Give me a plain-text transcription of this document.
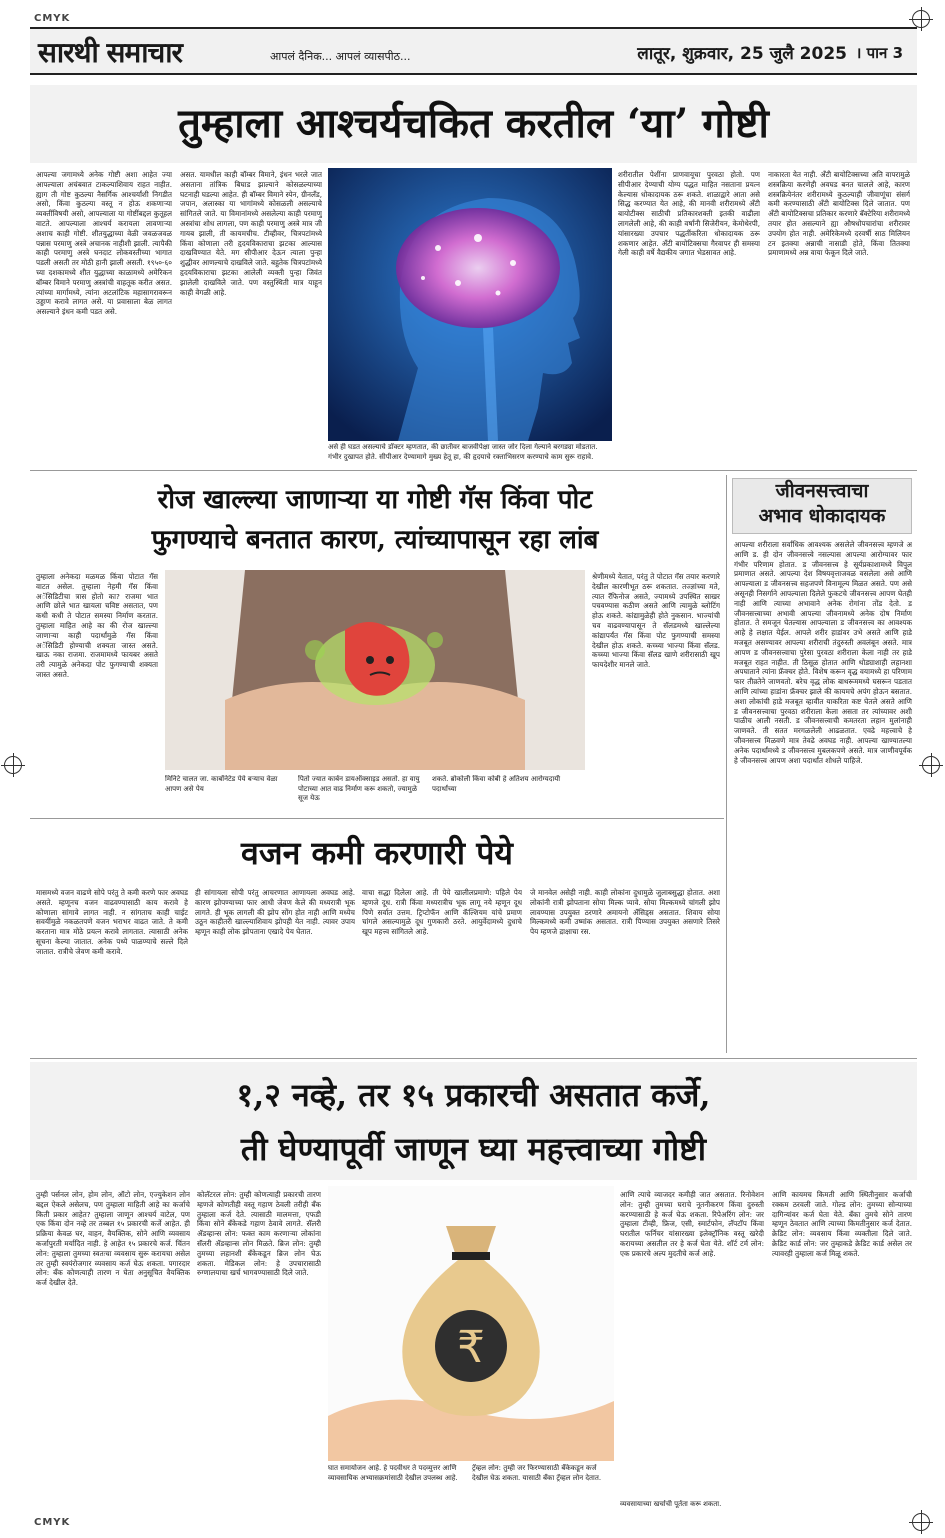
CMYK
CMYK
सारथी समाचार	आपलं दैनिक... आपलं व्यासपीठ...	लातूर, शुक्रवार, 25 जुलै 2025 । पान 3
तुम्हाला आश्चर्यचकित करतील ‘या’ गोष्टी
आपल्या जगामध्ये अनेक गोष्टी अशा आहेत ज्या आपल्याला अचंबवात टाकल्याशिवाय राहत नाहीत. ह्याग ती गोष्ट कुठल्या नैसर्गिक आश्चर्यांशी निगडीत असो, किंवा कुठल्या वस्तू न होऊ शकणाऱ्या व्यक्तींविषयी असो, आपल्याला या गोष्टींबद्दल कुतूहल वाटते. आपल्याला आश्चर्य करायला लावणाऱ्या अशाच काही गोष्टी. शीतयुद्धाच्या वेळी जवळजवळ पन्नास परमाणु अस्त्रे अचानक नाहीशी झाली. त्यापैकी काही परमाणु अस्त्रे घनदाट लोकवस्तीच्या भागात पडली असती तर मोठी हानी झाली असती. १९५०-६० च्या दशकामध्ये शीत युद्धाच्या काळामध्ये अमेरिकन बॉम्बर विमाने परमाणु अस्त्रांची वाहतूक करीत असत. त्यांच्या मार्गामध्ये, त्यांना अटलांटिक महासागरावरून उड्डाण करावे लागत असे. या प्रवासाला बेळ लागत असल्याने इंधन कमी पडत असे.
असत. यामधील काही बॉम्बर विमाने, इंधन भरले जात असताना तांत्रिक बिघाड झाल्याने कोसळल्याच्या घटनाही घडल्या आहेत. ही बॉम्बर विमाने स्पेन, ग्रीनलँड, जपान, अलास्का या भागांमध्ये कोसळली असल्याचे सांगितले जाते. या विमानांमध्ये असलेल्या काही परमाणु अस्त्रांचा शोध लागला, पण काही परमाणु अस्त्रे मात्र जी गायब झाली, ती कायमचीच. टीव्हीवर, चित्रपटांमध्ये किंवा कोणाला तरी हृदयविकाराचा झटका आल्यास दाखविण्यात येते. मग सीपीआर देऊन त्याला पुन्हा शुद्धीवर आणल्याचे दाखविले जाते. बहुतेक चित्रपटांमध्ये हृदयविकाराचा झटका आलेली व्यक्ती पुन्हा जिवंत झालेली दाखविले जाते. पण वस्तुस्थिती मात्र याहून काही वेगळी आहे.
असे ही घडत असल्याचे डॉक्टर म्हणतात, की छातीवर बाजवीपेक्षा जास्त जोर दिला गेल्याने बरगड्या मोडतात. गंभीर दुखापत होते. सीपीआर देण्यामागे मुख्य हेतू हा, की हृदयाचे रक्ताभिसरण करण्याचे काम सुरू राहावे.
शरीरातील पेशींना प्राणवायूचा पुरवठा होतो. पण सीपीआर देण्याची योग्य पद्धत माहित नसताना प्रयत्न केल्यास धोकादायक ठरू शकते. शाळाद्वारे आता असे सिद्ध करण्यात येत आहे, की मानवी शरीरामध्ये अँटी बायोटीक्स साठीची प्रतिकारशक्ती इतकी वाढीला लागलेली आहे, की काही वर्षांनी सिजेरीयन, केमोथेरपी, यांसारख्या उपचार पद्धतींकरिता धोकादायक ठरू शकणार आहेत. अँटी बायोटिक्सचा गैरवापर ही समस्या गेली काही वर्षे वैद्यकीय जगात भेडसावत आहे.
नाकारता येत नाही. अँटी बायोटिक्सच्या अति वापरामुळे शस्त्रक्रिया करणेही अवघड बनत चालले आहे, कारण शस्त्रक्रियेनंतर शरीरामध्ये कुठल्याही जीवाणूंचा संसर्ग कमी करण्यासाठी अँटी बायोटिक्स दिले जातात. पण अँटी बायोटिक्सचा प्रतिकार करणारे बॅक्टेरिया शरीरामध्ये तयार होत असल्याने ह्या औषधोपचारांचा शरीरावर उपयोग होत नाही. अमेरिकेमध्ये दरवर्षी साठ मिलियन टन इतक्या अन्नाची नासाडी होते, किंवा तितक्या प्रमाणामध्ये अन्न वाया फेकून दिले जाते.
रोज खाल्ल्या जाणाऱ्या या गोष्टी गॅस किंवा पोट
फुगण्याचे बनतात कारण, त्यांच्यापासून रहा लांब
तुम्हाला अनेकदा मळमळ किंवा पोटात गॅस वाटत असेल. तुम्हाला नेहमी गॅस किंवा अॅसिडिटीचा त्रास होतो का? राजमा भात आणि छोले भात खायला चविष्ट असतात, पण कधी कधी ते पोटात समस्या निर्माण करतात. तुम्हाला माहित आहे का की रोज खाल्ल्या जाणाऱ्या काही पदार्थांमुळे गॅस किंवा अॅसिडिटी होण्याची शक्यता जास्त असते. खाऊ नका राजमा. राजमामध्ये फायबर असते तरी त्यामुळे अनेकदा पोट फुगण्याची शक्यता जास्त असते.
मिनिटे चालत जा. कार्बोनेटेड पेये बऱ्याच वेळा आपण असे पेय
पितो ज्यात कार्बन डायऑक्साइड असतो. हा वायु पोटाच्या आत वाढ निर्माण करू शकतो, ज्यामुळे सूज येऊ
शकते. ब्रोकोली किंवा कोबी हे अतिशय आरोग्यदायी पदार्थांच्या
श्रेणीमध्ये येतात, परंतु ते पोटात गॅस तयार करणारे देखील कारणीभूत ठरू शकतात. तज्ज्ञांच्या मते, त्यात रॅफिनोज असते, ज्यामध्ये उपस्थित साखर पचवण्यास कठीण असते आणि त्यामुळे ब्लोटिंग होऊ शकते. कांद्यामुळेही होते नुकसान. भाज्यांची चव वाढवण्यापासून ते सॅलडमध्ये खाल्लेल्या कांद्यापर्यंत गॅस किंवा पोट फुगण्याची समस्या देखील होऊ शकते. कच्च्या भाज्या किंवा सॅलड. कच्च्या भाज्या किंवा सॅलड खाणे शरीरासाठी खूप फायदेशीर मानले जाते.
जीवनसत्त्वाचा
अभाव धोकादायक
आपल्या शरीराला सर्वांधिक आवश्यक असलेले जीवनसत्त्व म्हणजे अ आणि ड. ही दोन जीवनसत्त्वे नसल्यास आपल्या आरोग्यावर फार गंभीर परिणाम होतात. ड जीवनसत्त्व हे सूर्यप्रकाशामध्ये विपुल प्रमाणात असते. आपल्या देश विषयवृत्ताजवळ वसलेला असे आणि आपल्याला ड जीवनसत्त्व सहजपणे विनामूल्य मिळत असते. पण असे असूनही निसर्गाने आपल्याला दिलेले फुकटचे जीवनसत्त्व आपण घेतही नाही आणि त्याच्या अभावाने अनेक रोगांना तोंड देतो. ड जीवनसत्त्वाच्या अभावी आपल्या जीवनामध्ये अनेक दोष निर्माण होतात. ते समजून घेतल्यास आपल्याला ड जीवनसत्त्व का आवश्यक आहे हे लक्षात येईल. आपले शरीर हाडांवर उभे असते आणि हाडे मजबूत असण्यावर आपल्या शरीराची तंदुरुस्ती अवलंबून असते. मात्र आपण ड जीवनसत्त्वाचा पुरेसा पुरवठा शरीराला केला नाही तर हाडे मजबूत राहत नाहीत. ती ठिसूळ होतात आणि थोड्याशाही लहानशा अपघाताने त्यांना फ्रॅक्चर होते. विशेष करून वृद्ध वयामध्ये हा परिणाम फार तीव्रतेने जाणवतो. बरेच वृद्ध लोक बाथरूममध्ये घसरून पडतात आणि त्यांच्या हाडांना फ्रॅक्चर झाले की कायमचे अपंग होऊन बसतात. अशा लोकांची हाडे मजबूत व्हावीत याकरिता कष्ट घेतले असते आणि ड जीवनसत्त्वाचा पुरवठा शरीराला केला असता तर त्यांच्यावर अशी पाळीच आली नसती. ड जीवनसत्त्वाची कमतरता लहान मुलांनाही जाणवते. ती सतत मरगळलेली आढळतात. एवढे महत्त्वाचे हे जीवनसत्त्व मिळवणे मात्र तेवढे अवघड नाही. आपल्या खाण्यातल्या अनेक पदार्थांमध्ये ड जीवनसत्त्व मुबलकपणे असते. मात्र जाणीवपूर्वक हे जीवनसत्त्व आपण अशा पदार्थांत शोधले पाहिजे.
वजन कमी करणारी पेये
मासमध्ये वजन वाढणे सोपे परंतु ते कमी करणे फार अवघड असते. म्हणूनच वजन वाढवण्यासाठी काय करावे हे कोणाला सांगावे लागत नाही. न सांगताच काही चाईट सवयींमुळे नकळतपणे वजन भराभर वाढत जाते. ते कमी करताना मात्र मोठे प्रयत्न करावे लागतात. त्यासाठी अनेक सूचना केल्या जातात. अनेक पथ्ये पाळण्याचे सल्ले दिले जातात. रात्रीचे जेवण कमी करावे.
ही सांगायला सोपी परंतु आचरणात आणायला अवघड आहे. कारण झोपण्याच्या फार आधी जेवण केले की मध्यरात्री भूक लागते. ही भूक लागली की झोप सोंग होत नाही आणि मध्येच उठून काहीतरी खाल्ल्याशिवाय झोपही येत नाही. त्यावर उपाय म्हणून काही लोक झोपताना एखादे पेय घेतात.
वाचा सद्धा दिलेला आहे. ती पेये खालीलप्रमाणे: पहिले पेय म्हणजे दूध. रात्री किंवा मध्यरात्रीच भूक लागू नये म्हणून दूध पिणे सर्वात उत्तम. ट्रिप्टोफॅन आणि कॅल्शियम यांचे प्रमाण चांगले असल्यामुळे दूध गुणकारी ठरते. आयुर्वेदामध्ये दुधाचे खूप महत्त्व सांगितले आहे.
जे मानवेल असेही नाही. काही लोकांना दुधामुळे जुलाबसुद्धा होतात. अशा लोकांनी रात्री झोपताना सोया मिल्क प्यावे. सोया मिल्कमध्ये चांगली झोप लावण्यास उपयुक्त ठरणारे अमायनो ॲसिड्स असतात. शिवाय सोया मिल्कमध्ये कमी उष्मांक असतात. रात्री पिण्यास उपयुक्त असणारे तिसरे पेय म्हणजे द्राक्षाचा रस.
१,२ नव्हे, तर १५ प्रकारची असतात कर्जे,
ती घेण्यापूर्वी जाणून घ्या महत्त्वाच्या गोष्टी
तुम्ही पर्सनल लोन, होम लोन, ऑटो लोन, एज्युकेशन लोन बद्दल ऐकले असेलच, पण तुम्हाला माहिती आहे का कर्जाचे किती प्रकार आहेत? तुम्हाला जाणून आश्चर्य वाटेल, पण एक किंवा दोन नव्हे तर तब्बल १५ प्रकारची कर्जे आहेत. ही प्रक्रिया केवळ घर, वाहन, वैयक्तिक, सोने आणि व्यवसाय कर्जापुरती मर्यादित नाही. हे आहेत १५ प्रकारचे कर्ज. चिंतन लोन: तुम्हाला तुमच्या स्वतःचा व्यवसाय सुरू करायचा असेल तर तुम्ही स्वयंरोजगार व्यवसाय कर्ज घेऊ शकता. पगारदार लोन: बँक कोणत्याही तारण न घेता अनुसूचित वैयक्तिक कर्ज देखील देते.
कोलॅटरल लोन: तुम्ही कोणत्याही प्रकारची तारण म्हणजे कोणतीही वस्तू गहाण ठेवली तरीही बँक तुम्हाला कर्ज देते. त्यासाठी मालमत्ता, एफडी किंवा सोने बँकेकडे गहाण ठेवावे लागते. सॅलरी ॲडव्हान्स लोन: फक्त काम करणाऱ्या लोकांना सॅलरी ॲडव्हान्स लोन मिळते. ब्रिज लोन: तुम्ही तुमच्या लहानशी बँकेकडून ब्रिज लोन घेऊ शकता. मेडिकल लोन: हे उपचारासाठी रुग्णालयाचा खर्च भागवण्यासाठी दिले जाते.
₹
घात समायोजन आहे. हे पदवीधर ते पदव्युत्तर आणि व्यावसायिक अभ्यासक्रमांसाठी देखील उपलब्ध आहे.
ट्रॅव्हल लोन: तुम्ही जर फिरण्यासाठी बँकेकडून कर्ज देखील घेऊ शकता. यासाठी बँका ट्रॅव्हल लोन देतात.
आणि त्याचे व्याजदर कमीही जात असतात. रिनोवेशन लोन: तुम्ही तुमच्या घराचे नूतनीकरण किंवा दुरुस्ती करण्यासाठी हे कर्ज घेऊ शकता. रिपेअरिंग लोन: जर तुम्हाला टीव्ही, फ्रिज, एसी, स्मार्टफोन, लॅपटॉप किंवा घरातील फर्निचर यांसारख्या इलेक्ट्रॉनिक वस्तू खरेदी करायच्या असतील तर हे कर्ज घेता येते. शॉर्ट टर्म लोन: एक प्रकारचे अल्प मुदतीचे कर्ज आहे.
आणि कायमच किमती आणि स्थितीनुसार कर्जाची रक्कम ठरवली जाते. गोल्ड लोन: तुमच्या सोन्याच्या दागिन्यांवर कर्ज घेता येते. बँका तुमचे सोने तारण म्हणून ठेवतात आणि त्याच्या किमतीनुसार कर्ज देतात. क्रेडिट लोन: व्यवसाय किंवा व्यक्तीला दिले जाते. क्रेडिट कार्ड लोन: जर तुम्हाकडे क्रेडिट कार्ड असेल तर त्यावरही तुम्हाला कर्ज मिळू शकते.
व्यवसायाच्या खर्चाची पूर्तता करू शकता.
